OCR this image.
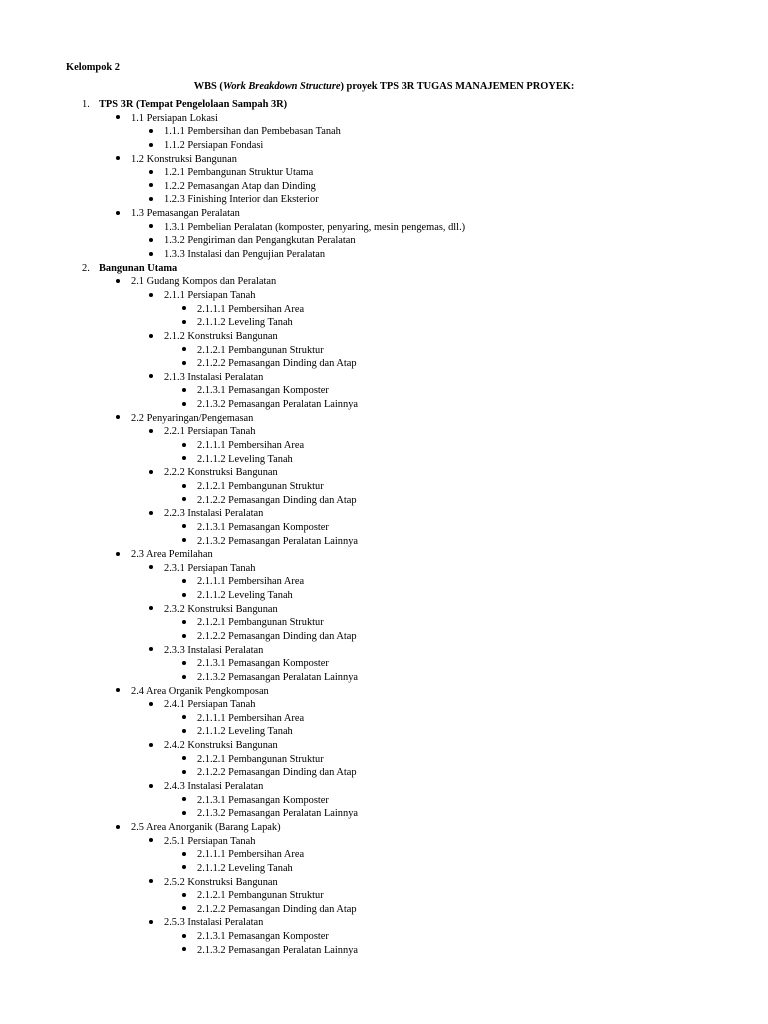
Kelompok 2
WBS (Work Breakdown Structure) proyek TPS 3R TUGAS MANAJEMEN PROYEK:
1. TPS 3R (Tempat Pengelolaan Sampah 3R)
1.1 Persiapan Lokasi
1.1.1 Pembersihan dan Pembebasan Tanah
1.1.2 Persiapan Fondasi
1.2 Konstruksi Bangunan
1.2.1 Pembangunan Struktur Utama
1.2.2 Pemasangan Atap dan Dinding
1.2.3 Finishing Interior dan Eksterior
1.3 Pemasangan Peralatan
1.3.1 Pembelian Peralatan (komposter, penyaring, mesin pengemas, dll.)
1.3.2 Pengiriman dan Pengangkutan Peralatan
1.3.3 Instalasi dan Pengujian Peralatan
2. Bangunan Utama
2.1 Gudang Kompos dan Peralatan
2.1.1 Persiapan Tanah
2.1.1.1 Pembersihan Area
2.1.1.2 Leveling Tanah
2.1.2 Konstruksi Bangunan
2.1.2.1 Pembangunan Struktur
2.1.2.2 Pemasangan Dinding dan Atap
2.1.3 Instalasi Peralatan
2.1.3.1 Pemasangan Komposter
2.1.3.2 Pemasangan Peralatan Lainnya
2.2 Penyaringan/Pengemasan
2.2.1 Persiapan Tanah
2.1.1.1 Pembersihan Area
2.1.1.2 Leveling Tanah
2.2.2 Konstruksi Bangunan
2.1.2.1 Pembangunan Struktur
2.1.2.2 Pemasangan Dinding dan Atap
2.2.3 Instalasi Peralatan
2.1.3.1 Pemasangan Komposter
2.1.3.2 Pemasangan Peralatan Lainnya
2.3 Area Pemilahan
2.3.1 Persiapan Tanah
2.1.1.1 Pembersihan Area
2.1.1.2 Leveling Tanah
2.3.2 Konstruksi Bangunan
2.1.2.1 Pembangunan Struktur
2.1.2.2 Pemasangan Dinding dan Atap
2.3.3 Instalasi Peralatan
2.1.3.1 Pemasangan Komposter
2.1.3.2 Pemasangan Peralatan Lainnya
2.4 Area Organik Pengkomposan
2.4.1 Persiapan Tanah
2.1.1.1 Pembersihan Area
2.1.1.2 Leveling Tanah
2.4.2 Konstruksi Bangunan
2.1.2.1 Pembangunan Struktur
2.1.2.2 Pemasangan Dinding dan Atap
2.4.3 Instalasi Peralatan
2.1.3.1 Pemasangan Komposter
2.1.3.2 Pemasangan Peralatan Lainnya
2.5 Area Anorganik (Barang Lapak)
2.5.1 Persiapan Tanah
2.1.1.1 Pembersihan Area
2.1.1.2 Leveling Tanah
2.5.2 Konstruksi Bangunan
2.1.2.1 Pembangunan Struktur
2.1.2.2 Pemasangan Dinding dan Atap
2.5.3 Instalasi Peralatan
2.1.3.1 Pemasangan Komposter
2.1.3.2 Pemasangan Peralatan Lainnya
